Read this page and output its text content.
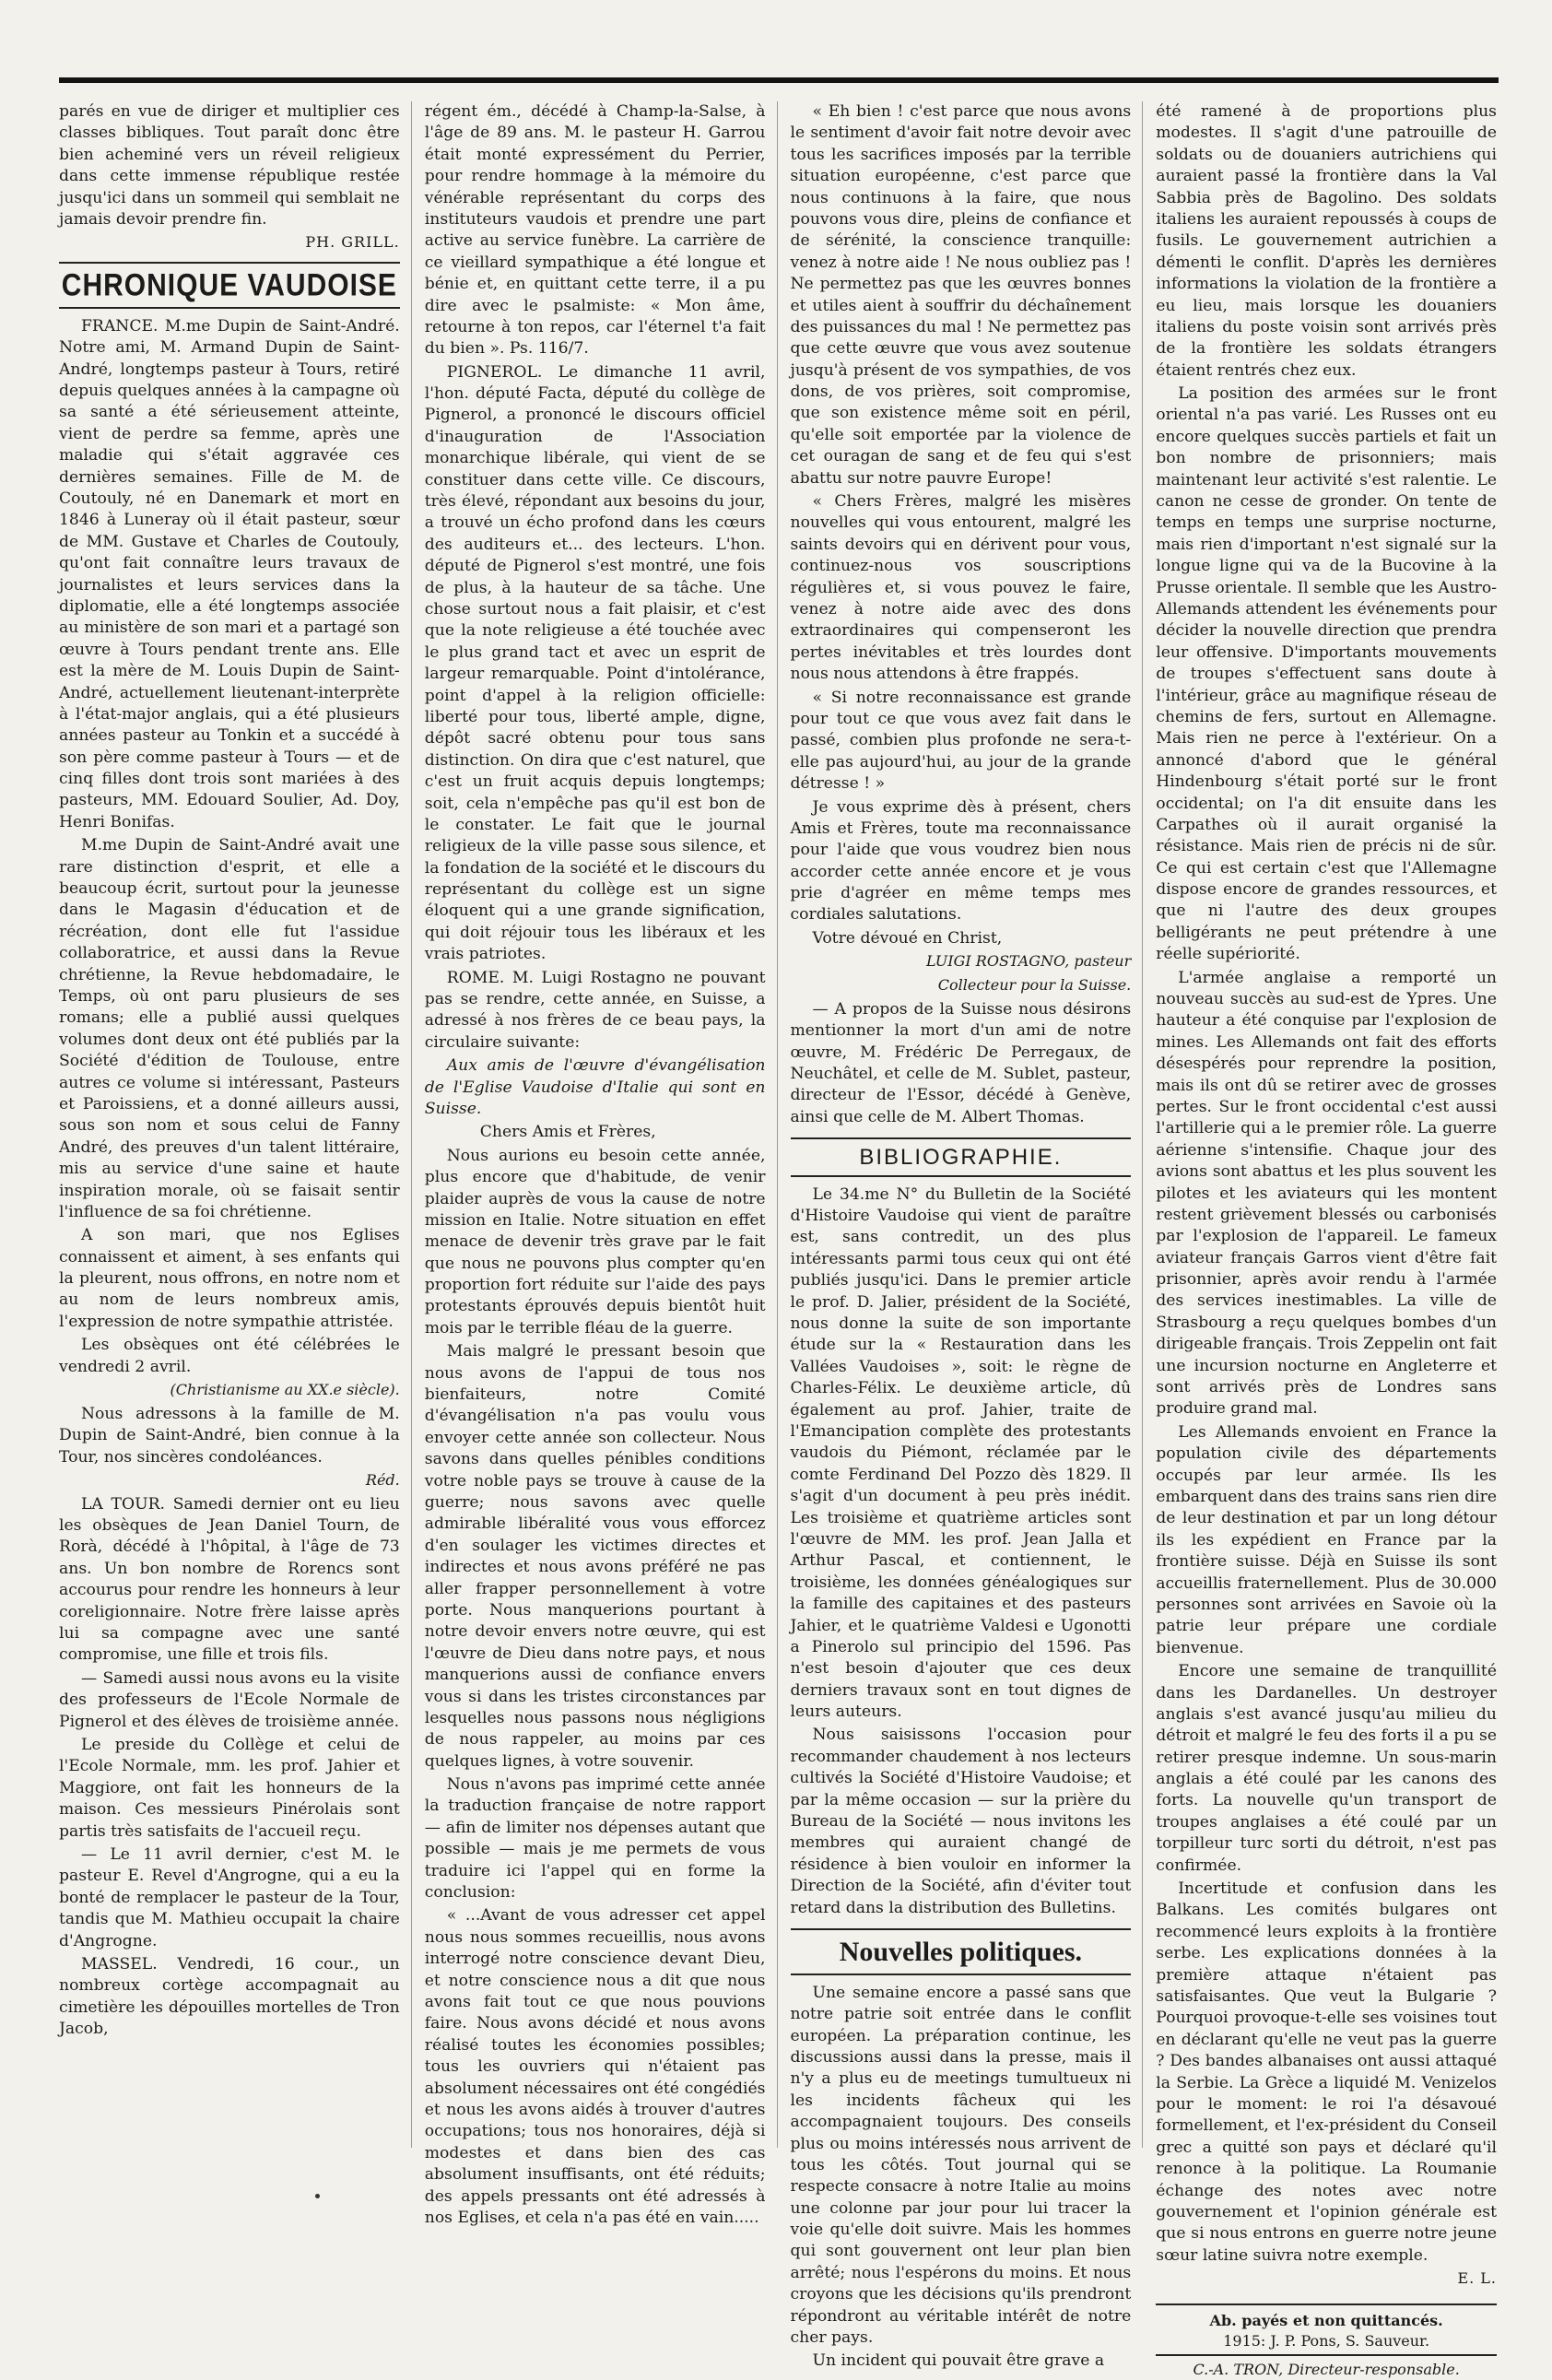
parés en vue de diriger et multiplier ces classes bibliques. Tout paraît donc être bien acheminé vers un réveil religieux dans cette immense république restée jusqu'ici dans un sommeil qui semblait ne jamais devoir prendre fin.

PH. GRILL.
CHRONIQUE VAUDOISE

FRANCE. M.me Dupin de Saint-André. Notre ami, M. Armand Dupin de Saint-André, longtemps pasteur à Tours, retiré depuis quelques années à la campagne où sa santé a été sérieusement atteinte, vient de perdre sa femme, après une maladie qui s'était aggravée ces dernières semaines. Fille de M. de Coutouly, né en Danemark et mort en 1846 à Luneray où il était pasteur, sœur de MM. Gustave et Charles de Coutouly, qu'ont fait connaître leurs travaux de journalistes et leurs services dans la diplomatie, elle a été longtemps associée au ministère de son mari et a partagé son œuvre à Tours pendant trente ans. Elle est la mère de M. Louis Dupin de Saint-André, actuellement lieutenant-interprète à l'état-major anglais, qui a été plusieurs années pasteur au Tonkin et a succédé à son père comme pasteur à Tours — et de cinq filles dont trois sont mariées à des pasteurs, MM. Edouard Soulier, Ad. Doy, Henri Bonifas.

M.me Dupin de Saint-André avait une rare distinction d'esprit, et elle a beaucoup écrit, surtout pour la jeunesse dans le Magasin d'éducation et de récréation, dont elle fut l'assidue collaboratrice, et aussi dans la Revue chrétienne, la Revue hebdomadaire, le Temps, où ont paru plusieurs de ses romans; elle a publié aussi quelques volumes dont deux ont été publiés par la Société d'édition de Toulouse, entre autres ce volume si intéressant, Pasteurs et Paroissiens, et a donné ailleurs aussi, sous son nom et sous celui de Fanny André, des preuves d'un talent littéraire, mis au service d'une saine et haute inspiration morale, où se faisait sentir l'influence de sa foi chrétienne.

A son mari, que nos Eglises connaissent et aiment, à ses enfants qui la pleurent, nous offrons, en notre nom et au nom de leurs nombreux amis, l'expression de notre sympathie attristée.

Les obsèques ont été célébrées le vendredi 2 avril.

(Christianisme au XX.e siècle).

Nous adressons à la famille de M. Dupin de Saint-André, bien connue à la Tour, nos sincères condoléances.

Réd.

LA TOUR. Samedi dernier ont eu lieu les obsèques de Jean Daniel Tourn, de Rorà, décédé à l'hôpital, à l'âge de 73 ans. Un bon nombre de Rorencs sont accourus pour rendre les honneurs à leur coreligionnaire. Notre frère laisse après lui sa compagne avec une santé compromise, une fille et trois fils.

— Samedi aussi nous avons eu la visite des professeurs de l'Ecole Normale de Pignerol et des élèves de troisième année.

Le preside du Collège et celui de l'Ecole Normale, mm. les prof. Jahier et Maggiore, ont fait les honneurs de la maison. Ces messieurs Pinérolais sont partis très satisfaits de l'accueil reçu.

— Le 11 avril dernier, c'est M. le pasteur E. Revel d'Angrogne, qui a eu la bonté de remplacer le pasteur de la Tour, tandis que M. Mathieu occupait la chaire d'Angrogne.

MASSEL. Vendredi, 16 cour., un nombreux cortège accompagnait au cimetière les dépouilles mortelles de Tron Jacob,

régent ém., décédé à Champ-la-Salse, à l'âge de 89 ans. M. le pasteur H. Garrou était monté expressément du Perrier, pour rendre hommage à la mémoire du vénérable représentant du corps des instituteurs vaudois et prendre une part active au service funèbre. La carrière de ce vieillard sympathique a été longue et bénie et, en quittant cette terre, il a pu dire avec le psalmiste: « Mon âme, retourne à ton repos, car l'éternel t'a fait du bien ». Ps. 116/7.

PIGNEROL. Le dimanche 11 avril, l'hon. député Facta, député du collège de Pignerol, a prononcé le discours officiel d'inauguration de l'Association monarchique libérale, qui vient de se constituer dans cette ville. Ce discours, très élevé, répondant aux besoins du jour, a trouvé un écho profond dans les cœurs des auditeurs et... des lecteurs. L'hon. député de Pignerol s'est montré, une fois de plus, à la hauteur de sa tâche. Une chose surtout nous a fait plaisir, et c'est que la note religieuse a été touchée avec le plus grand tact et avec un esprit de largeur remarquable. Point d'intolérance, point d'appel à la religion officielle: liberté pour tous, liberté ample, digne, dépôt sacré obtenu pour tous sans distinction. On dira que c'est naturel, que c'est un fruit acquis depuis longtemps; soit, cela n'empêche pas qu'il est bon de le constater. Le fait que le journal religieux de la ville passe sous silence, et la fondation de la société et le discours du représentant du collège est un signe éloquent qui a une grande signification, qui doit réjouir tous les libéraux et les vrais patriotes.

ROME. M. Luigi Rostagno ne pouvant pas se rendre, cette année, en Suisse, a adressé à nos frères de ce beau pays, la circulaire suivante:

Aux amis de l'œuvre d'évangélisation de l'Eglise Vaudoise d'Italie qui sont en Suisse.

Chers Amis et Frères,

Nous aurions eu besoin cette année, plus encore que d'habitude, de venir plaider auprès de vous la cause de notre mission en Italie. Notre situation en effet menace de devenir très grave par le fait que nous ne pouvons plus compter qu'en proportion fort réduite sur l'aide des pays protestants éprouvés depuis bientôt huit mois par le terrible fléau de la guerre.

Mais malgré le pressant besoin que nous avons de l'appui de tous nos bienfaiteurs, notre Comité d'évangélisation n'a pas voulu vous envoyer cette année son collecteur. Nous savons dans quelles pénibles conditions votre noble pays se trouve à cause de la guerre; nous savons avec quelle admirable libéralité vous vous efforcez d'en soulager les victimes directes et indirectes et nous avons préféré ne pas aller frapper personnellement à votre porte. Nous manquerions pourtant à notre devoir envers notre œuvre, qui est l'œuvre de Dieu dans notre pays, et nous manquerions aussi de confiance envers vous si dans les tristes circonstances par lesquelles nous passons nous négligions de nous rappeler, au moins par ces quelques lignes, à votre souvenir.

Nous n'avons pas imprimé cette année la traduction française de notre rapport — afin de limiter nos dépenses autant que possible — mais je me permets de vous traduire ici l'appel qui en forme la conclusion:

« ...Avant de vous adresser cet appel nous nous sommes recueillis, nous avons interrogé notre conscience devant Dieu, et notre conscience nous a dit que nous avons fait tout ce que nous pouvions faire. Nous avons décidé et nous avons réalisé toutes les économies possibles; tous les ouvriers qui n'étaient pas absolument nécessaires ont été congédiés et nous les avons aidés à trouver d'autres occupations; tous nos honoraires, déjà si modestes et dans bien des cas absolument insuffisants, ont été réduits; des appels pressants ont été adressés à nos Eglises, et cela n'a pas été en vain.....

« Eh bien ! c'est parce que nous avons le sentiment d'avoir fait notre devoir avec tous les sacrifices imposés par la terrible situation européenne, c'est parce que nous continuons à la faire, que nous pouvons vous dire, pleins de confiance et de sérénité, la conscience tranquille: venez à notre aide ! Ne nous oubliez pas ! Ne permettez pas que les œuvres bonnes et utiles aient à souffrir du déchaînement des puissances du mal ! Ne permettez pas que cette œuvre que vous avez soutenue jusqu'à présent de vos sympathies, de vos dons, de vos prières, soit compromise, que son existence même soit en péril, qu'elle soit emportée par la violence de cet ouragan de sang et de feu qui s'est abattu sur notre pauvre Europe!

« Chers Frères, malgré les misères nouvelles qui vous entourent, malgré les saints devoirs qui en dérivent pour vous, continuez-nous vos souscriptions régulières et, si vous pouvez le faire, venez à notre aide avec des dons extraordinaires qui compenseront les pertes inévitables et très lourdes dont nous nous attendons à être frappés.

« Si notre reconnaissance est grande pour tout ce que vous avez fait dans le passé, combien plus profonde ne sera-t-elle pas aujourd'hui, au jour de la grande détresse ! »

Je vous exprime dès à présent, chers Amis et Frères, toute ma reconnaissance pour l'aide que vous voudrez bien nous accorder cette année encore et je vous prie d'agréer en même temps mes cordiales salutations.

Votre dévoué en Christ,

LUIGI ROSTAGNO, pasteur
Collecteur pour la Suisse.

— A propos de la Suisse nous désirons mentionner la mort d'un ami de notre œuvre, M. Frédéric De Perregaux, de Neuchâtel, et celle de M. Sublet, pasteur, directeur de l'Essor, décédé à Genève, ainsi que celle de M. Albert Thomas.

BIBLIOGRAPHIE.

Le 34.me N° du Bulletin de la Société d'Histoire Vaudoise qui vient de paraître est, sans contredit, un des plus intéressants parmi tous ceux qui ont été publiés jusqu'ici. Dans le premier article le prof. D. Jalier, président de la Société, nous donne la suite de son importante étude sur la « Restauration dans les Vallées Vaudoises », soit: le règne de Charles-Félix. Le deuxième article, dû également au prof. Jahier, traite de l'Emancipation complète des protestants vaudois du Piémont, réclamée par le comte Ferdinand Del Pozzo dès 1829. Il s'agit d'un document à peu près inédit. Les troisième et quatrième articles sont l'œuvre de MM. les prof. Jean Jalla et Arthur Pascal, et contiennent, le troisième, les données généalogiques sur la famille des capitaines et des pasteurs Jahier, et le quatrième Valdesi e Ugonotti a Pinerolo sul principio del 1596. Pas n'est besoin d'ajouter que ces deux derniers travaux sont en tout dignes de leurs auteurs.

Nous saisissons l'occasion pour recommander chaudement à nos lecteurs cultivés la Société d'Histoire Vaudoise; et par la même occasion — sur la prière du Bureau de la Société — nous invitons les membres qui auraient changé de résidence à bien vouloir en informer la Direction de la Société, afin d'éviter tout retard dans la distribution des Bulletins.

Nouvelles politiques.

Une semaine encore a passé sans que notre patrie soit entrée dans le conflit européen. La préparation continue, les discussions aussi dans la presse, mais il n'y a plus eu de meetings tumultueux ni les incidents fâcheux qui les accompagnaient toujours. Des conseils plus ou moins intéressés nous arrivent de tous les côtés. Tout journal qui se respecte consacre à notre Italie au moins une colonne par jour pour lui tracer la voie qu'elle doit suivre. Mais les hommes qui sont gouvernent ont leur plan bien arrêté; nous l'espérons du moins. Et nous croyons que les décisions qu'ils prendront répondront au véritable intérêt de notre cher pays.

Un incident qui pouvait être grave a

été ramené à de proportions plus modestes. Il s'agit d'une patrouille de soldats ou de douaniers autrichiens qui auraient passé la frontière dans la Val Sabbia près de Bagolino. Des soldats italiens les auraient repoussés à coups de fusils. Le gouvernement autrichien a démenti le conflit. D'après les dernières informations la violation de la frontière a eu lieu, mais lorsque les douaniers italiens du poste voisin sont arrivés près de la frontière les soldats étrangers étaient rentrés chez eux.

La position des armées sur le front oriental n'a pas varié. Les Russes ont eu encore quelques succès partiels et fait un bon nombre de prisonniers; mais maintenant leur activité s'est ralentie. Le canon ne cesse de gronder. On tente de temps en temps une surprise nocturne, mais rien d'important n'est signalé sur la longue ligne qui va de la Bucovine à la Prusse orientale. Il semble que les Austro-Allemands attendent les événements pour décider la nouvelle direction que prendra leur offensive. D'importants mouvements de troupes s'effectuent sans doute à l'intérieur, grâce au magnifique réseau de chemins de fers, surtout en Allemagne. Mais rien ne perce à l'extérieur. On a annoncé d'abord que le général Hindenbourg s'était porté sur le front occidental; on l'a dit ensuite dans les Carpathes où il aurait organisé la résistance. Mais rien de précis ni de sûr. Ce qui est certain c'est que l'Allemagne dispose encore de grandes ressources, et que ni l'autre des deux groupes belligérants ne peut prétendre à une réelle supériorité.

L'armée anglaise a remporté un nouveau succès au sud-est de Ypres. Une hauteur a été conquise par l'explosion de mines. Les Allemands ont fait des efforts désespérés pour reprendre la position, mais ils ont dû se retirer avec de grosses pertes. Sur le front occidental c'est aussi l'artillerie qui a le premier rôle. La guerre aérienne s'intensifie. Chaque jour des avions sont abattus et les plus souvent les pilotes et les aviateurs qui les montent restent grièvement blessés ou carbonisés par l'explosion de l'appareil. Le fameux aviateur français Garros vient d'être fait prisonnier, après avoir rendu à l'armée des services inestimables. La ville de Strasbourg a reçu quelques bombes d'un dirigeable français. Trois Zeppelin ont fait une incursion nocturne en Angleterre et sont arrivés près de Londres sans produire grand mal.

Les Allemands envoient en France la population civile des départements occupés par leur armée. Ils les embarquent dans des trains sans rien dire de leur destination et par un long détour ils les expédient en France par la frontière suisse. Déjà en Suisse ils sont accueillis fraternellement. Plus de 30.000 personnes sont arrivées en Savoie où la patrie leur prépare une cordiale bienvenue.

Encore une semaine de tranquillité dans les Dardanelles. Un destroyer anglais s'est avancé jusqu'au milieu du détroit et malgré le feu des forts il a pu se retirer presque indemne. Un sous-marin anglais a été coulé par les canons des forts. La nouvelle qu'un transport de troupes anglaises a été coulé par un torpilleur turc sorti du détroit, n'est pas confirmée.

Incertitude et confusion dans les Balkans. Les comités bulgares ont recommencé leurs exploits à la frontière serbe. Les explications données à la première attaque n'étaient pas satisfaisantes. Que veut la Bulgarie ? Pourquoi provoque-t-elle ses voisines tout en déclarant qu'elle ne veut pas la guerre ? Des bandes albanaises ont aussi attaqué la Serbie. La Grèce a liquidé M. Venizelos pour le moment: le roi l'a désavoué formellement, et l'ex-président du Conseil grec a quitté son pays et déclaré qu'il renonce à la politique. La Roumanie échange des notes avec notre gouvernement et l'opinion générale est que si nous entrons en guerre notre jeune sœur latine suivra notre exemple.

E. L.
Ab. payés et non quittancés.
1915: J. P. Pons, S. Sauveur.
C.-A. TRON, Directeur-responsable.
